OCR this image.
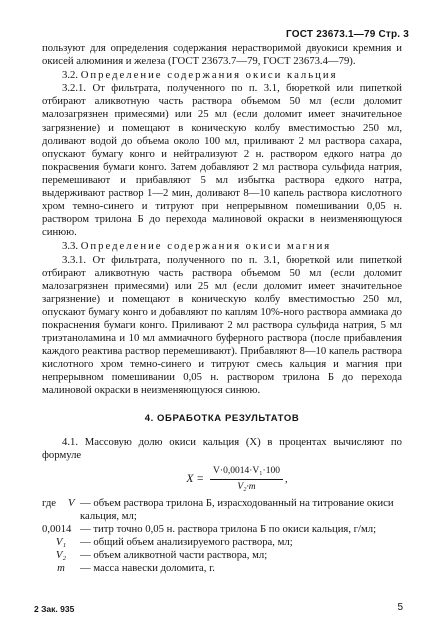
ГОСТ 23673.1—79 Стр. 3

пользуют для определения содержания нерастворимой двуокиси кремния и окисей алюминия и железа (ГОСТ 23673.7—79, ГОСТ 23673.4—79).

3.2. Определение содержания окиси кальция

3.2.1. От фильтрата, полученного по п. 3.1, бюреткой или пипеткой отбирают аликвотную часть раствора объемом 50 мл (если доломит малозагрязнен примесями) или 25 мл (если доломит имеет значительное загрязнение) и помещают в коническую колбу вместимостью 250 мл, доливают водой до объема около 100 мл, приливают 2 мл раствора сахара, опускают бумагу конго и нейтрализуют 2 н. раствором едкого натра до покрасвения бумаги конго. Затем добавляют 2 мл раствора сульфида натрия, перемешивают и прибавляют 5 мл избытка раствора едкого натра, выдерживают раствор 1—2 мин, доливают 8—10 капель раствора кислотного хром темно-синего и титруют при непрерывном помешивании 0,05 н. раствором трилона Б до перехода малиновой окраски в неизменяющуюся синюю.

3.3. Определение содержания окиси магния

3.3.1. От фильтрата, полученного по п. 3.1, бюреткой или пипеткой отбирают аликвотную часть раствора объемом 50 мл (если доломит малозагрязнен примесями) или 25 мл (если доломит имеет значительное загрязнение) и помещают в коническую колбу вместимостью 250 мл, опускают бумагу конго и добавляют по каплям 10%-ного раствора аммиака до покраснения бумаги конго. Приливают 2 мл раствора сульфида натрия, 5 мл триэтаноламина и 10 мл аммиачного буферного раствора (после прибавления каждого реактива раствор перемешивают). Прибавляют 8—10 капель раствора кислотного хром темно-синего и титруют смесь кальция и магния при непрерывном помешивании 0,05 н. раствором трилона Б до перехода малиновой окраски в неизменяющуюся синюю.

4. ОБРАБОТКА РЕЗУЛЬТАТОВ

4.1. Массовую долю окиси кальция (X) в процентах вычисляют по формуле

$X = \frac{\text{V·0,0014·V₁·100}}{\text{V₂·m}}$ ,
где	V — объем раствора трилона Б, израсходованный на титрование окиси кальция, мл;
0,0014 — титр точно 0,05 н. раствора трилона Б по окиси кальция, г/мл;
V₁	— общий объем анализируемого раствора, мл;
V₂	— объем аликвотной части раствора, мл;
m	— масса навески доломита, г.
2 Зак. 935	5
